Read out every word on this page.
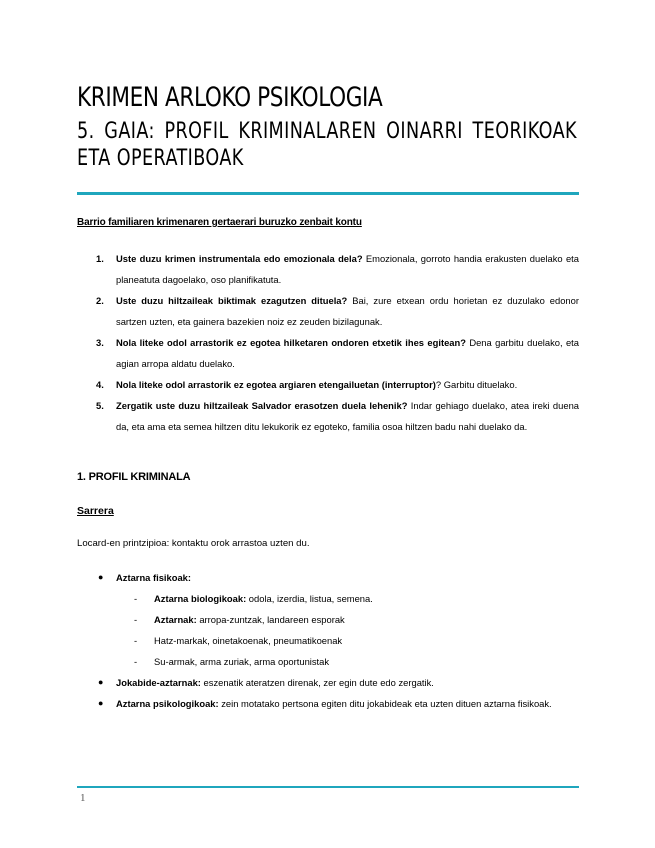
KRIMEN ARLOKO PSIKOLOGIA
5. GAIA: PROFIL KRIMINALAREN OINARRI TEORIKOAK ETA OPERATIBOAK

Barrio familiaren krimenaren gertaerari buruzko zenbait kontu

1. Uste duzu krimen instrumentala edo emozionala dela? Emozionala, gorroto handia erakusten duelako eta planeatuta dagoelako, oso planifikatuta.
2. Uste duzu hiltzaileak biktimak ezagutzen dituela? Bai, zure etxean ordu horietan ez duzulako edonor sartzen uzten, eta gainera bazekien noiz ez zeuden bizilagunak.
3. Nola liteke odol arrastorik ez egotea hilketaren ondoren etxetik ihes egitean? Dena garbitu duelako, eta agian arropa aldatu duelako.
4. Nola liteke odol arrastorik ez egotea argiaren etengailuetan (interruptor)? Garbitu dituelako.
5. Zergatik uste duzu hiltzaileak Salvador erasotzen duela lehenik? Indar gehiago duelako, atea ireki duena da, eta ama eta semea hiltzen ditu lekukorik ez egoteko, familia osoa hiltzen badu nahi duelako da.

1. PROFIL KRIMINALA

Sarrera

Locard-en printzipioa: kontaktu orok arrastoa uzten du.

● Aztarna fisikoak:
- Aztarna biologikoak: odola, izerdia, listua, semena.
- Aztarnak: arropa-zuntzak, landareen esporak
- Hatz-markak, oinetakoenak, pneumatikoenak
- Su-armak, arma zuriak, arma oportunistak
● Jokabide-aztarnak: eszenatik ateratzen direnak, zer egin dute edo zergatik.
● Aztarna psikologikoak: zein motatako pertsona egiten ditu jokabideak eta uzten dituen aztarna fisikoak.

1
